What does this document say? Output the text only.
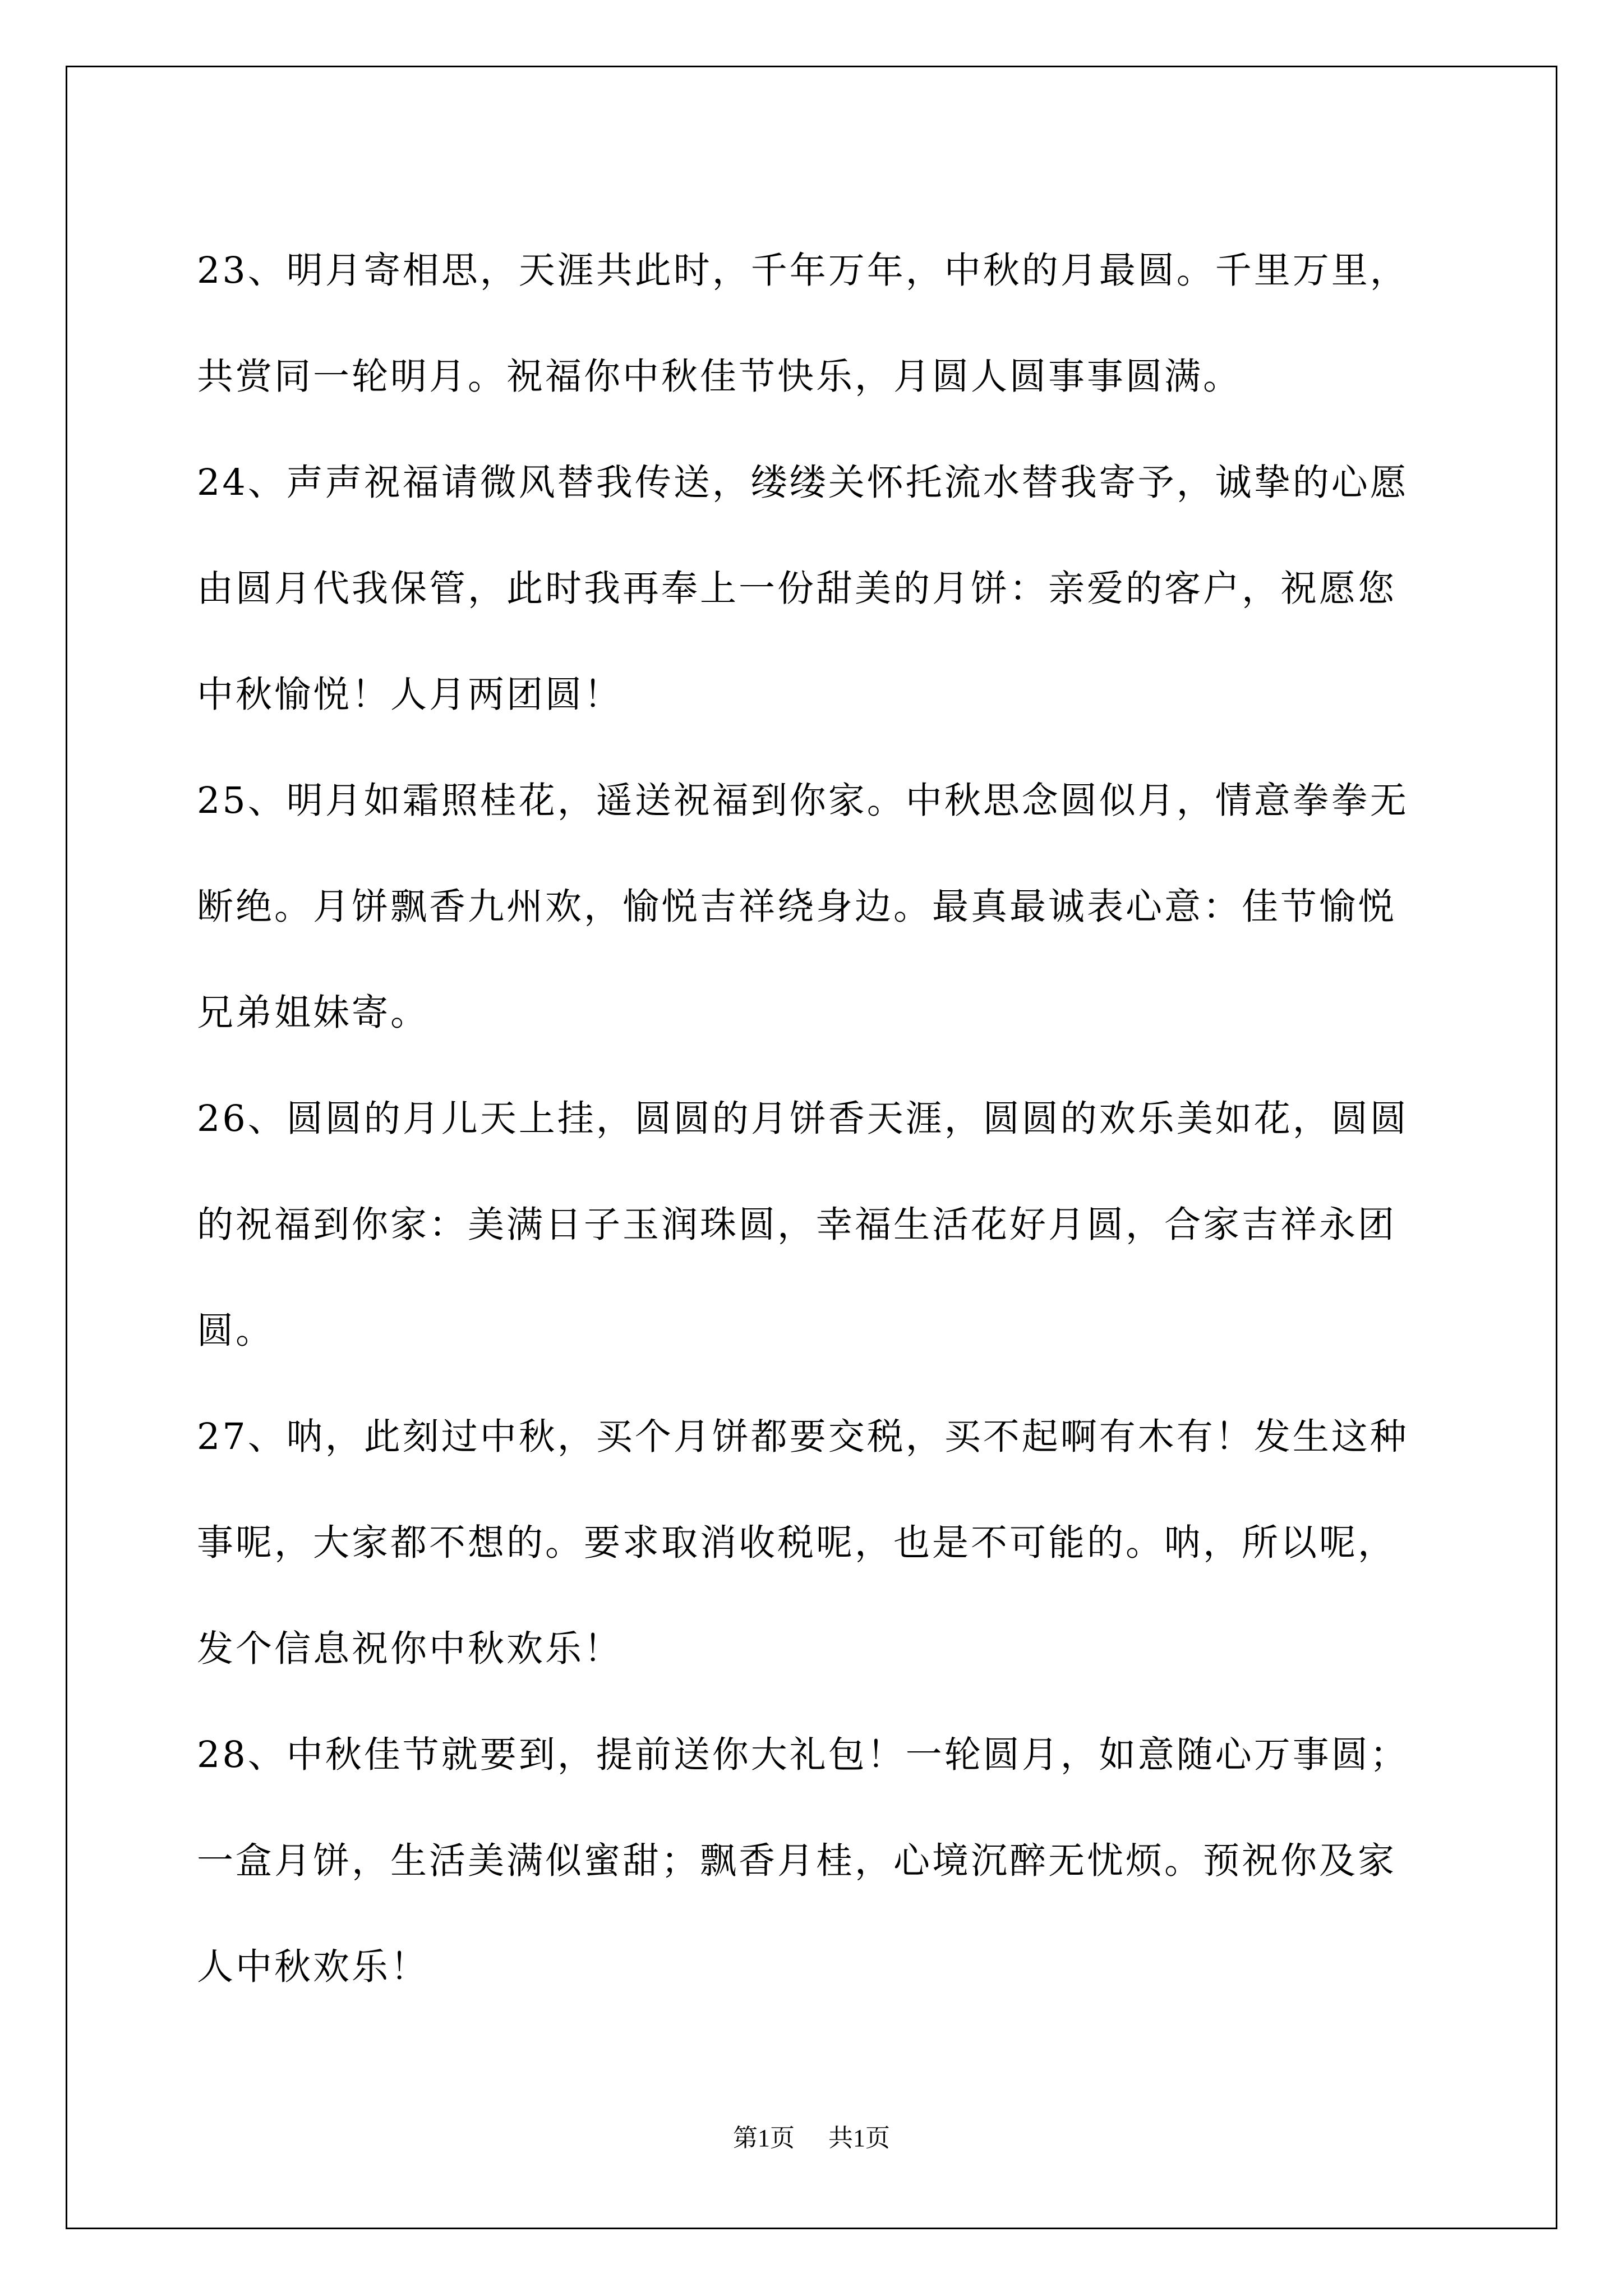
23、明月寄相思，天涯共此时，千年万年，中秋的月最圆。千里万里，共赏同一轮明月。祝福你中秋佳节快乐，月圆人圆事事圆满。

24、声声祝福请微风替我传送，缕缕关怀托流水替我寄予，诚挚的心愿由圆月代我保管，此时我再奉上一份甜美的月饼：亲爱的客户，祝愿您中秋愉悦！人月两团圆！

25、明月如霜照桂花，遥送祝福到你家。中秋思念圆似月，情意拳拳无断绝。月饼飘香九州欢，愉悦吉祥绕身边。最真最诚表心意：佳节愉悦兄弟姐妹寄。

26、圆圆的月儿天上挂，圆圆的月饼香天涯，圆圆的欢乐美如花，圆圆的祝福到你家：美满日子玉润珠圆，幸福生活花好月圆，合家吉祥永团圆。

27、呐，此刻过中秋，买个月饼都要交税，买不起啊有木有！发生这种事呢，大家都不想的。要求取消收税呢，也是不可能的。呐，所以呢，发个信息祝你中秋欢乐！

28、中秋佳节就要到，提前送你大礼包！一轮圆月，如意随心万事圆；一盒月饼，生活美满似蜜甜；飘香月桂，心境沉醉无忧烦。预祝你及家人中秋欢乐！

第1页 共1页
